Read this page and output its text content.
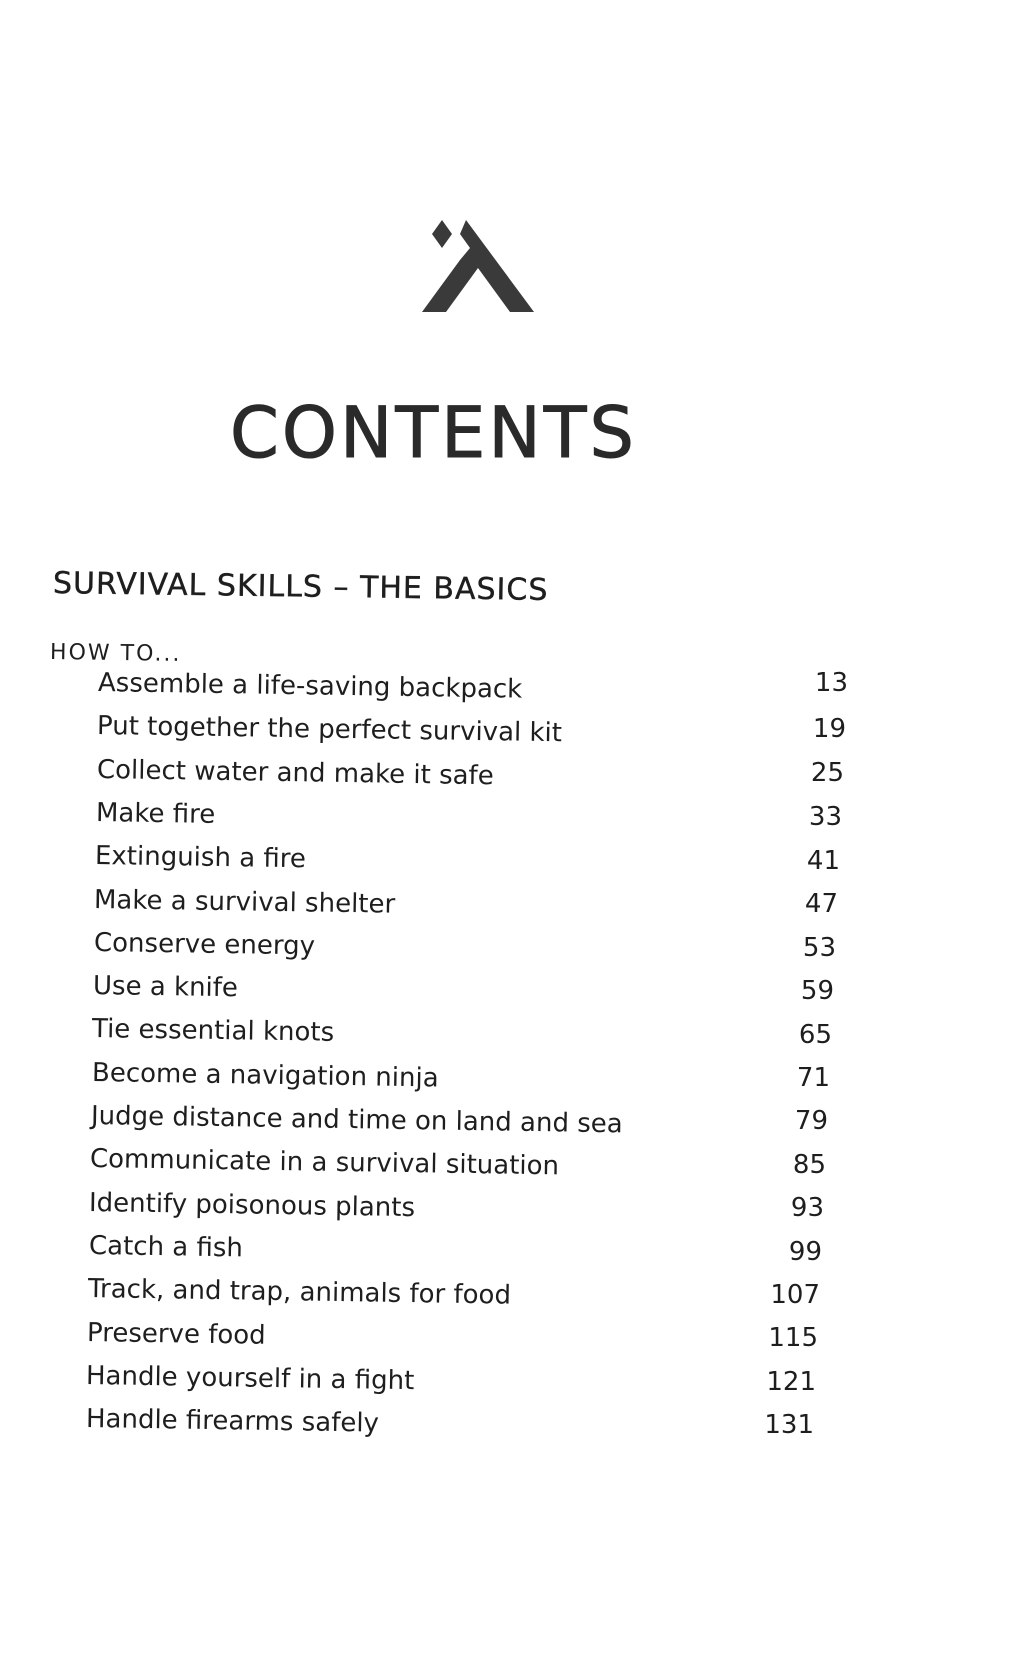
CONTENTS
SURVIVAL SKILLS – THE BASICS
HOW TO...
Assemble a life-saving backpack	13
Put together the perfect survival kit	19
Collect water and make it safe	25
Make fire	33
Extinguish a fire	41
Make a survival shelter	47
Conserve energy	53
Use a knife	59
Tie essential knots	65
Become a navigation ninja	71
Judge distance and time on land and sea	79
Communicate in a survival situation	85
Identify poisonous plants	93
Catch a fish	99
Track, and trap, animals for food	107
Preserve food	115
Handle yourself in a fight	121
Handle firearms safely	131
